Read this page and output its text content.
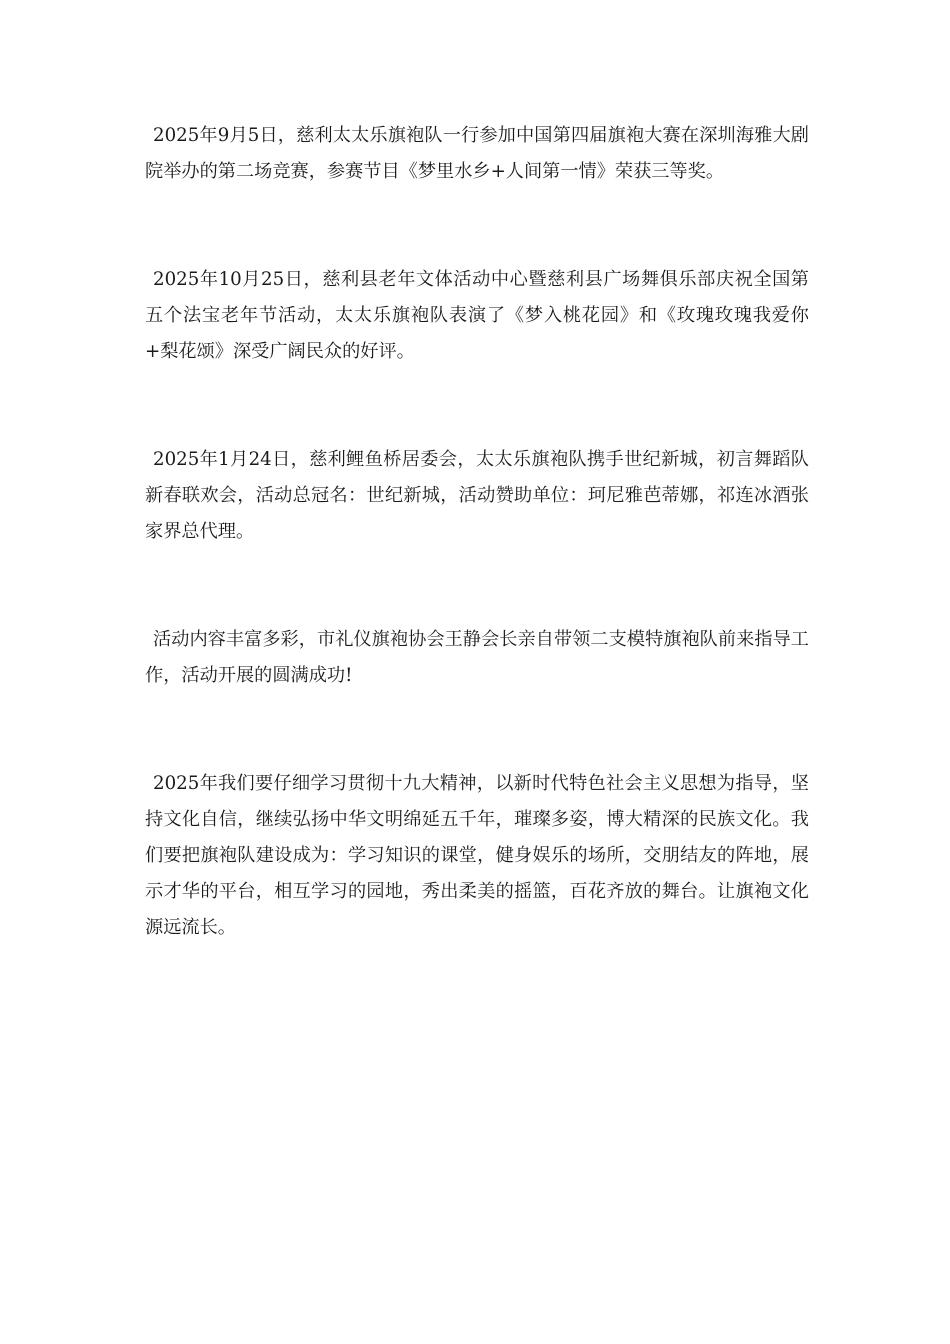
2025年9月5日，慈利太太乐旗袍队一行参加中国第四届旗袍大赛在深圳海雅大剧院举办的第二场竞赛，参赛节目《梦里水乡+人间第一情》荣获三等奖。

2025年10月25日，慈利县老年文体活动中心暨慈利县广场舞俱乐部庆祝全国第五个法宝老年节活动，太太乐旗袍队表演了《梦入桃花园》和《玫瑰玫瑰我爱你+梨花颂》深受广阔民众的好评。

2025年1月24日，慈利鲤鱼桥居委会，太太乐旗袍队携手世纪新城，初言舞蹈队新春联欢会，活动总冠名：世纪新城，活动赞助单位：珂尼雅芭蒂娜，祁连冰酒张家界总代理。

活动内容丰富多彩，市礼仪旗袍协会王静会长亲自带领二支模特旗袍队前来指导工作，活动开展的圆满成功!

2025年我们要仔细学习贯彻十九大精神，以新时代特色社会主义思想为指导，坚持文化自信，继续弘扬中华文明绵延五千年，璀璨多姿，博大精深的民族文化。我们要把旗袍队建设成为：学习知识的课堂，健身娱乐的场所，交朋结友的阵地，展示才华的平台，相互学习的园地，秀出柔美的摇篮，百花齐放的舞台。让旗袍文化源远流长。
